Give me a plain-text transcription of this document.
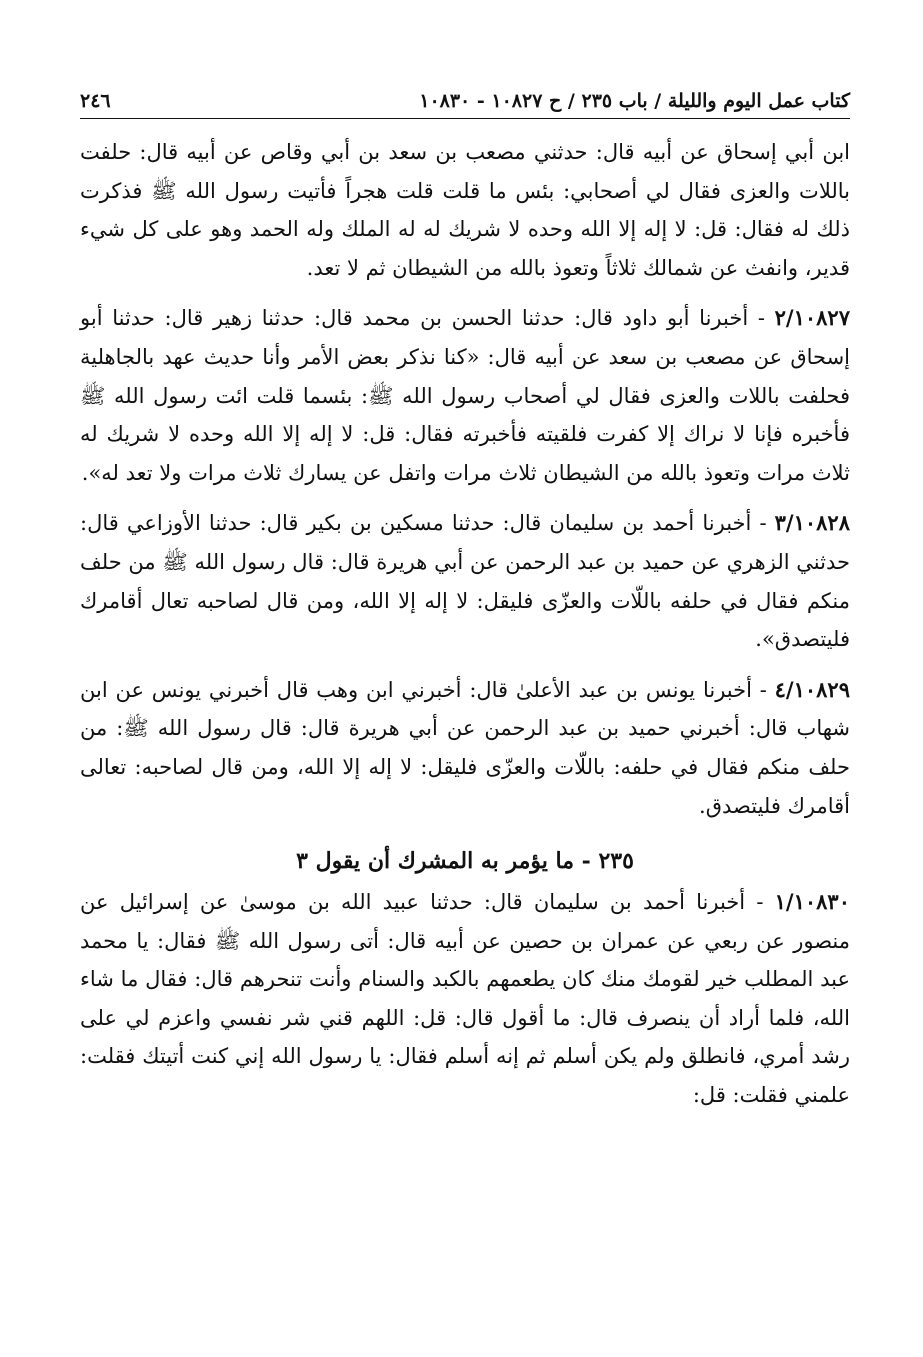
كتاب عمل اليوم والليلة / باب ٢٣٥ / ح ١٠٨٢٧ - ١٠٨٣٠
٢٤٦

ابن أبي إسحاق عن أبيه قال: حدثني مصعب بن سعد بن أبي وقاص عن أبيه قال: حلفت باللات والعزى فقال لي أصحابي: بئس ما قلت قلت هجراً فأتيت رسول الله ﷺ فذكرت ذلك له فقال: قل: لا إله إلا الله وحده لا شريك له له الملك وله الحمد وهو على كل شيء قدير، وانفث عن شمالك ثلاثاً وتعوذ بالله من الشيطان ثم لا تعد.

٢/١٠٨٢٧ - أخبرنا أبو داود قال: حدثنا الحسن بن محمد قال: حدثنا زهير قال: حدثنا أبو إسحاق عن مصعب بن سعد عن أبيه قال: «كنا نذكر بعض الأمر وأنا حديث عهد بالجاهلية فحلفت باللات والعزى فقال لي أصحاب رسول الله ﷺ: بئسما قلت ائت رسول الله ﷺ فأخبره فإنا لا نراك إلا كفرت فلقيته فأخبرته فقال: قل: لا إله إلا الله وحده لا شريك له ثلاث مرات وتعوذ بالله من الشيطان ثلاث مرات واتفل عن يسارك ثلاث مرات ولا تعد له».

٣/١٠٨٢٨ - أخبرنا أحمد بن سليمان قال: حدثنا مسكين بن بكير قال: حدثنا الأوزاعي قال: حدثني الزهري عن حميد بن عبد الرحمن عن أبي هريرة قال: قال رسول الله ﷺ من حلف منكم فقال في حلفه باللّات والعزّى فليقل: لا إله إلا الله، ومن قال لصاحبه تعال أقامرك فليتصدق».

٤/١٠٨٢٩ - أخبرنا يونس بن عبد الأعلىٰ قال: أخبرني ابن وهب قال أخبرني يونس عن ابن شهاب قال: أخبرني حميد بن عبد الرحمن عن أبي هريرة قال: قال رسول الله ﷺ: من حلف منكم فقال في حلفه: باللّات والعزّى فليقل: لا إله إلا الله، ومن قال لصاحبه: تعالى أقامرك فليتصدق.

٢٣٥ - ما يؤمر به المشرك أن يقول ٣

١/١٠٨٣٠ - أخبرنا أحمد بن سليمان قال: حدثنا عبيد الله بن موسىٰ عن إسرائيل عن منصور عن ربعي عن عمران بن حصين عن أبيه قال: أتى رسول الله ﷺ فقال: يا محمد عبد المطلب خير لقومك منك كان يطعمهم بالكبد والسنام وأنت تنحرهم قال: فقال ما شاء الله، فلما أراد أن ينصرف قال: ما أقول قال: قل: اللهم قني شر نفسي واعزم لي على رشد أمري، فانطلق ولم يكن أسلم ثم إنه أسلم فقال: يا رسول الله إني كنت أتيتك فقلت: علمني فقلت: قل:
